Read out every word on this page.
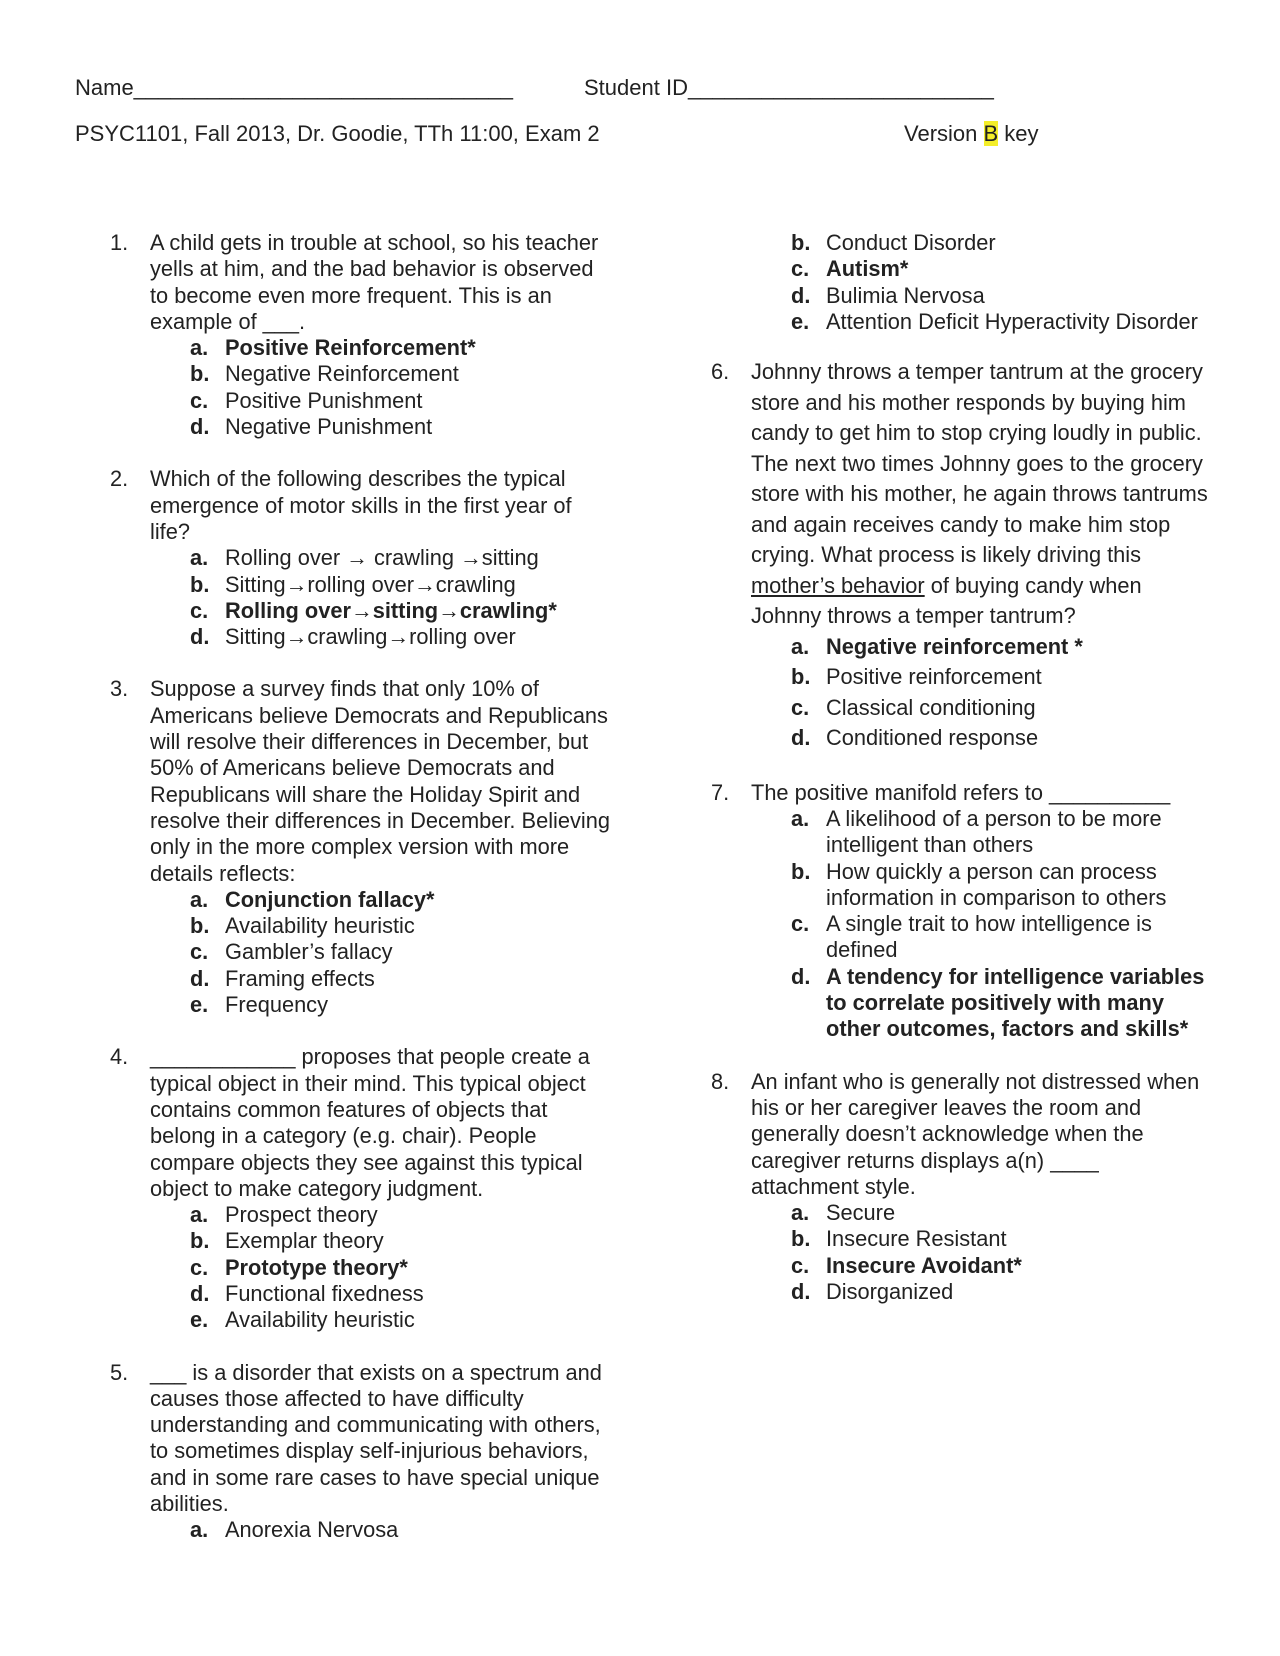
Name_______________________________	Student ID_________________________
PSYC1101, Fall 2013, Dr. Goodie, TTh 11:00, Exam 2	Version B key
1. A child gets in trouble at school, so his teacher yells at him, and the bad behavior is observed to become even more frequent. This is an example of ___.
a. Positive Reinforcement*
b. Negative Reinforcement
c. Positive Punishment
d. Negative Punishment
2. Which of the following describes the typical emergence of motor skills in the first year of life?
a. Rolling over → crawling →sitting
b. Sitting→rolling over→crawling
c. Rolling over→sitting→crawling*
d. Sitting→crawling→rolling over
3. Suppose a survey finds that only 10% of Americans believe Democrats and Republicans will resolve their differences in December, but 50% of Americans believe Democrats and Republicans will share the Holiday Spirit and resolve their differences in December. Believing only in the more complex version with more details reflects:
a. Conjunction fallacy*
b. Availability heuristic
c. Gambler’s fallacy
d. Framing effects
e. Frequency
4. ____________ proposes that people create a typical object in their mind. This typical object contains common features of objects that belong in a category (e.g. chair). People compare objects they see against this typical object to make category judgment.
a. Prospect theory
b. Exemplar theory
c. Prototype theory*
d. Functional fixedness
e. Availability heuristic
5. ___ is a disorder that exists on a spectrum and causes those affected to have difficulty understanding and communicating with others, to sometimes display self-injurious behaviors, and in some rare cases to have special unique abilities.
a. Anorexia Nervosa
b. Conduct Disorder
c. Autism*
d. Bulimia Nervosa
e. Attention Deficit Hyperactivity Disorder
6. Johnny throws a temper tantrum at the grocery store and his mother responds by buying him candy to get him to stop crying loudly in public. The next two times Johnny goes to the grocery store with his mother, he again throws tantrums and again receives candy to make him stop crying. What process is likely driving this mother’s behavior of buying candy when Johnny throws a temper tantrum?
a. Negative reinforcement *
b. Positive reinforcement
c. Classical conditioning
d. Conditioned response
7. The positive manifold refers to __________
a. A likelihood of a person to be more intelligent than others
b. How quickly a person can process information in comparison to others
c. A single trait to how intelligence is defined
d. A tendency for intelligence variables to correlate positively with many other outcomes, factors and skills*
8. An infant who is generally not distressed when his or her caregiver leaves the room and generally doesn’t acknowledge when the caregiver returns displays a(n) ____ attachment style.
a. Secure
b. Insecure Resistant
c. Insecure Avoidant*
d. Disorganized
